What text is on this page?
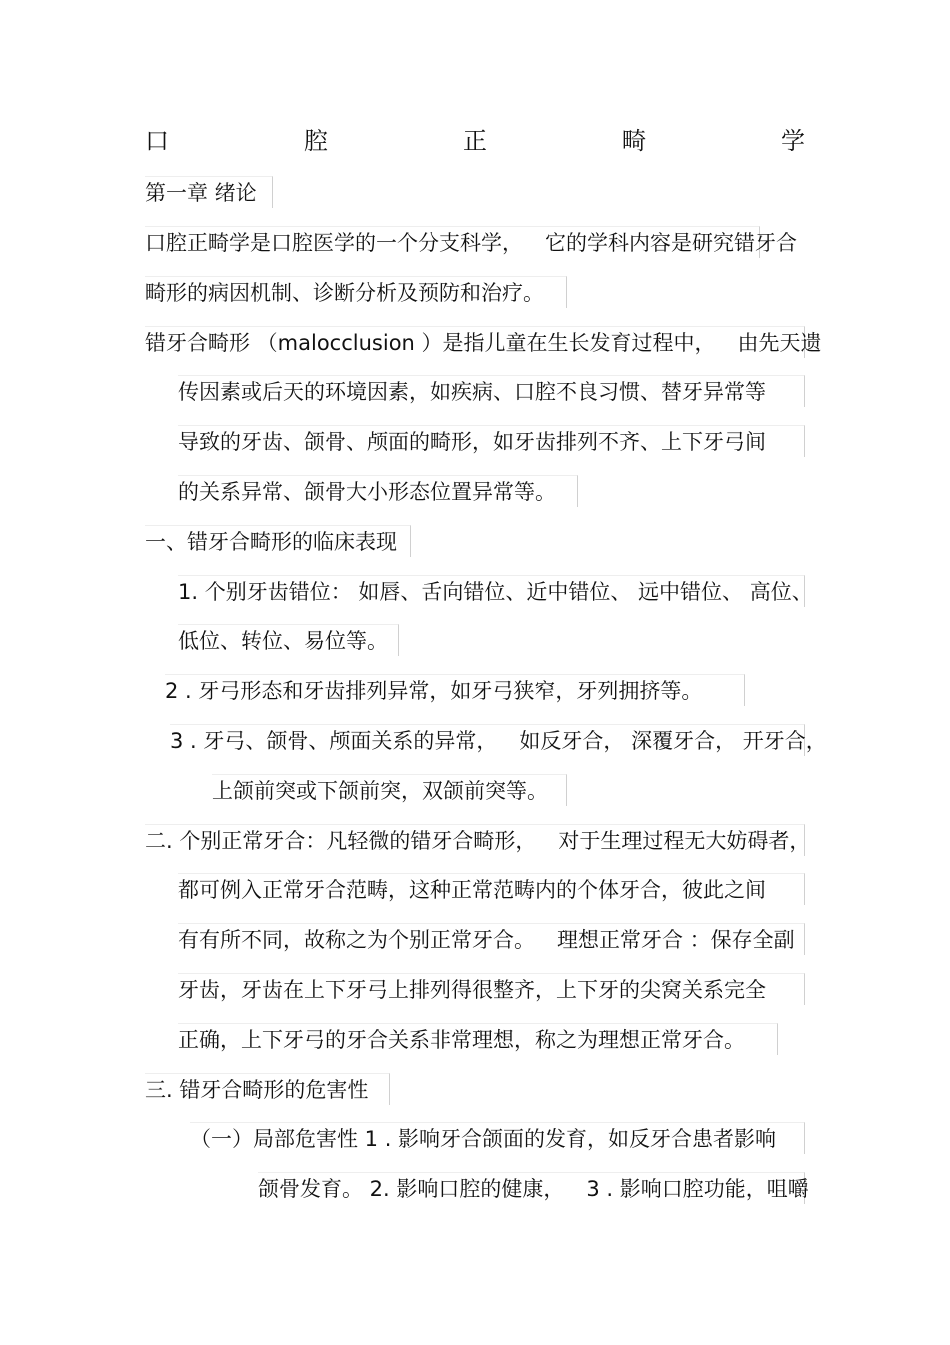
口	腔	正	畸	学
第一章 绪论
口腔正畸学是口腔医学的一个分支科学， 它的学科内容是研究错牙合
畸形的病因机制、诊断分析及预防和治疗。
错牙合畸形 （malocclusion ）是指儿童在生长发育过程中， 由先天遗
传因素或后天的环境因素，如疾病、口腔不良习惯、替牙异常等
导致的牙齿、颌骨、颅面的畸形，如牙齿排列不齐、上下牙弓间
的关系异常、颌骨大小形态位置异常等。
一、错牙合畸形的临床表现
1. 个别牙齿错位： 如唇、舌向错位、近中错位、 远中错位、 高位、
低位、转位、易位等。
2 . 牙弓形态和牙齿排列异常，如牙弓狭窄，牙列拥挤等。
3 . 牙弓、颌骨、颅面关系的异常， 如反牙合， 深覆牙合， 开牙合，
上颌前突或下颌前突，双颌前突等。
二. 个别正常牙合：凡轻微的错牙合畸形， 对于生理过程无大妨碍者，
都可例入正常牙合范畴，这种正常范畴内的个体牙合，彼此之间
有有所不同，故称之为个别正常牙合。 理想正常牙合 ：保存全副
牙齿，牙齿在上下牙弓上排列得很整齐，上下牙的尖窝关系完全
正确，上下牙弓的牙合关系非常理想，称之为理想正常牙合。
三. 错牙合畸形的危害性
（一）局部危害性 1 . 影响牙合颌面的发育，如反牙合患者影响
颌骨发育。 2. 影响口腔的健康， 3 . 影响口腔功能，咀嚼
